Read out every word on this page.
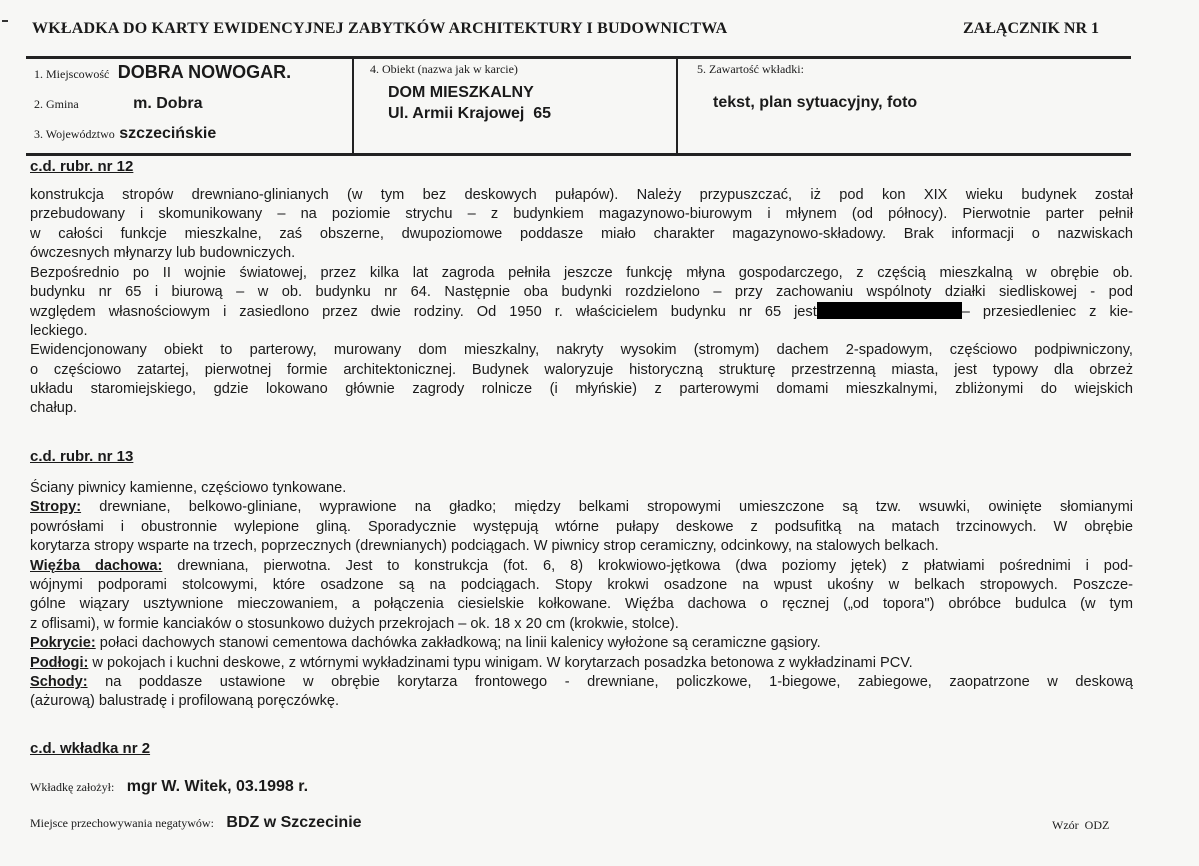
WKŁADKA DO KARTY EWIDENCYJNEJ ZABYTKÓW ARCHITEKTURY I BUDOWNICTWA	ZAŁĄCZNIK NR 1
1. Miejscowość DOBRA NOWOGAR.
2. Gmina	m. Dobra
3. Województwo szczecińskie
4. Obiekt (nazwa jak w karcie)
DOM MIESZKALNY
Ul. Armii Krajowej  65
5. Zawartość wkładki:
tekst, plan sytuacyjny, foto
c.d. rubr. nr 12
konstrukcja stropów drewniano-glinianych (w tym bez deskowych pułapów). Należy przypuszczać, iż pod kon XIX wieku budynek został
przebudowany i skomunikowany – na poziomie strychu – z budynkiem magazynowo-biurowym i młynem (od północy). Pierwotnie parter pełnił
w całości funkcje mieszkalne, zaś obszerne, dwupoziomowe poddasze miało charakter magazynowo-składowy. Brak informacji o nazwiskach
ówczesnych młynarzy lub budowniczych.
Bezpośrednio po II wojnie światowej, przez kilka lat zagroda pełniła jeszcze funkcję młyna gospodarczego, z częścią mieszkalną w obrębie ob.
budynku nr 65 i biurową – w ob. budynku nr 64. Następnie oba budynki rozdzielono – przy zachowaniu wspólnoty działki siedliskowej - pod
względem własnościowym i zasiedlono przez dwie rodziny. Od 1950 r. właścicielem budynku nr 65 jest	– przesiedleniec z kie-
leckiego.
Ewidencjonowany obiekt to parterowy, murowany dom mieszkalny, nakryty wysokim (stromym) dachem 2-spadowym, częściowo podpiwniczony,
o częściowo zatartej, pierwotnej formie architektonicznej. Budynek waloryzuje historyczną strukturę przestrzenną miasta, jest typowy dla obrzeż
układu staromiejskiego, gdzie lokowano głównie zagrody rolnicze (i młyńskie) z parterowymi domami mieszkalnymi, zbliżonymi do wiejskich
chałup.
c.d. rubr. nr 13
Ściany piwnicy kamienne, częściowo tynkowane.
Stropy: drewniane, belkowo-gliniane, wyprawione na gładko; między belkami stropowymi umieszczone są tzw. wsuwki, owinięte słomianymi
powrósłami i obustronnie wylepione gliną. Sporadycznie występują wtórne pułapy deskowe z podsufitką na matach trzcinowych. W obrębie
korytarza stropy wsparte na trzech, poprzecznych (drewnianych) podciągach. W piwnicy strop ceramiczny, odcinkowy, na stalowych belkach.
Więźba dachowa: drewniana, pierwotna. Jest to konstrukcja (fot. 6, 8) krokwiowo-jętkowa (dwa poziomy jętek) z płatwiami pośrednimi i pod-
wójnymi podporami stolcowymi, które osadzone są na podciągach. Stopy krokwi osadzone na wpust ukośny w belkach stropowych. Poszcze-
gólne wiązary usztywnione mieczowaniem, a połączenia ciesielskie kołkowane. Więźba dachowa o ręcznej („od topora") obróbce budulca (w tym
z oflisami), w formie kanciaków o stosunkowo dużych przekrojach – ok. 18 x 20 cm (krokwie, stolce).
Pokrycie: połaci dachowych stanowi cementowa dachówka zakładkową; na linii kalenicy wyłożone są ceramiczne gąsiory.
Podłogi: w pokojach i kuchni deskowe, z wtórnymi wykładzinami typu winigam. W korytarzach posadzka betonowa z wykładzinami PCV.
Schody: na poddasze ustawione w obrębie korytarza frontowego - drewniane, policzkowe, 1-biegowe, zabiegowe, zaopatrzone w deskową
(ażurową) balustradę i profilowaną poręczówkę.
c.d. wkładka nr 2
Wkładkę założył: mgr W. Witek, 03.1998 r.
Miejsce przechowywania negatywów: BDZ w Szczecinie	Wzór  ODZ
